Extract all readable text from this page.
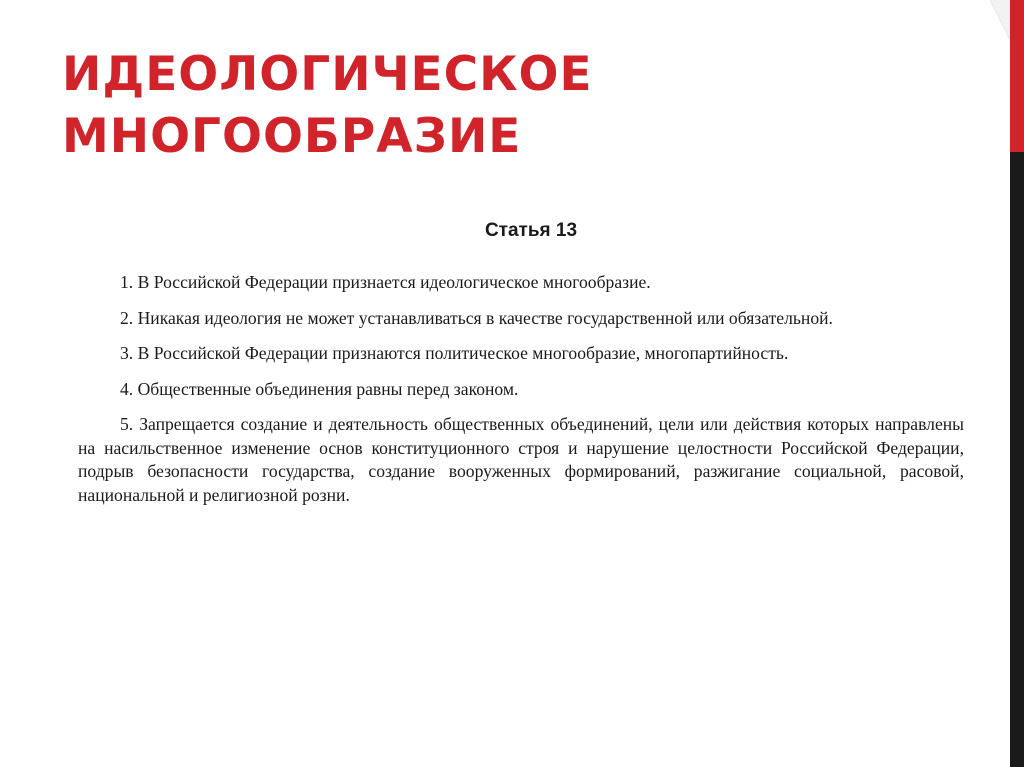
ИДЕОЛОГИЧЕСКОЕ
МНОГООБРАЗИЕ
Статья 13

1. В Российской Федерации признается идеологическое многообразие.

2. Никакая идеология не может устанавливаться в качестве государственной или обязательной.

3. В Российской Федерации признаются политическое многообразие, многопартийность.

4. Общественные объединения равны перед законом.

5. Запрещается создание и деятельность общественных объединений, цели или действия которых направлены на насильственное изменение основ конституционного строя и нарушение целостности Российской Федерации, подрыв безопасности государства, создание вооруженных формирований, разжигание социальной, расовой, национальной и религиозной розни.
